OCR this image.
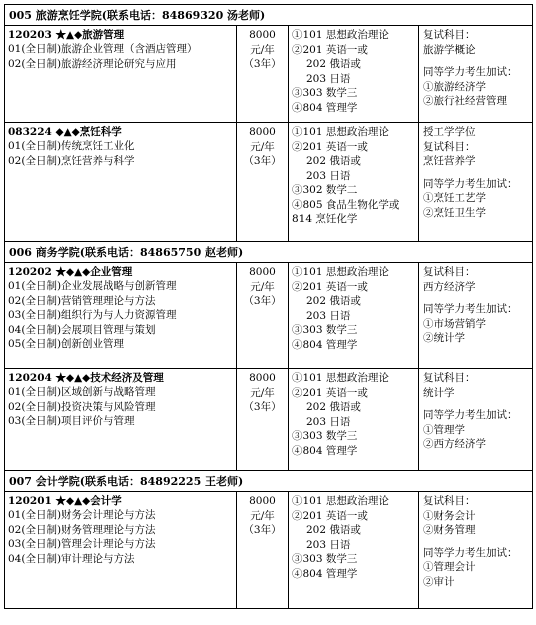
005 旅游烹饪学院(联系电话：84869320 汤老师)
120203 ★▲◆旅游管理
01(全日制)旅游企业管理（含酒店管理）
02(全日制)旅游经济理论研究与应用
8000
元/年
（3年）
①101 思想政治理论
②201 英语一或
202 俄语或
203 日语
③303 数学三
④804 管理学
复试科目：
旅游学概论
同等学力考生加试：
①旅游经济学
②旅行社经营管理
083224 ◆▲◆烹饪科学
01(全日制)传统烹饪工业化
02(全日制)烹饪营养与科学
8000
元/年
（3年）
①101 思想政治理论
②201 英语一或
202 俄语或
203 日语
③302 数学二
④805 食品生物化学或 814 烹饪化学
授工学学位
复试科目：
烹饪营养学
同等学力考生加试：
①烹饪工艺学
②烹饪卫生学
006 商务学院(联系电话：84865750 赵老师)
120202 ★◆▲◆企业管理
01(全日制)企业发展战略与创新管理
02(全日制)营销管理理论与方法
03(全日制)组织行为与人力资源管理
04(全日制)会展项目管理与策划
05(全日制)创新创业管理
8000
元/年
（3年）
①101 思想政治理论
②201 英语一或
202 俄语或
203 日语
③303 数学三
④804 管理学
复试科目：
西方经济学
同等学力考生加试：
①市场营销学
②统计学
120204 ★◆▲◆技术经济及管理
01(全日制)区域创新与战略管理
02(全日制)投资决策与风险管理
03(全日制)项目评价与管理
8000
元/年
（3年）
①101 思想政治理论
②201 英语一或
202 俄语或
203 日语
③303 数学三
④804 管理学
复试科目：
统计学
同等学力考生加试：
①管理学
②西方经济学
007 会计学院(联系电话：84892225 王老师)
120201 ★◆▲◆会计学
01(全日制)财务会计理论与方法
02(全日制)财务管理理论与方法
03(全日制)管理会计理论与方法
04(全日制)审计理论与方法
8000
元/年
（3年）
①101 思想政治理论
②201 英语一或
202 俄语或
203 日语
③303 数学三
④804 管理学
复试科目：
①财务会计
②财务管理
同等学力考生加试：
①管理会计
②审计
